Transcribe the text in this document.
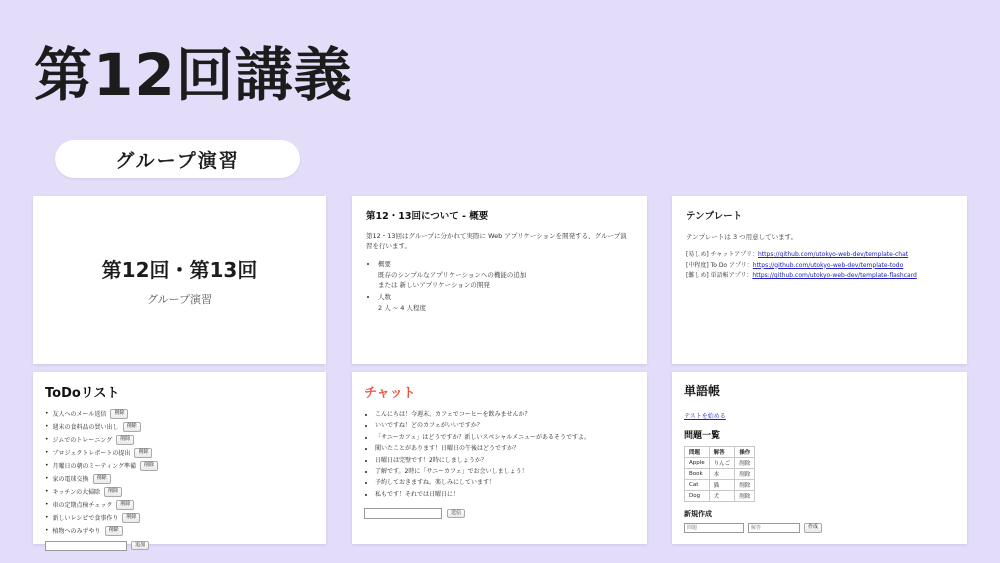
第12回講義
グループ演習
第12回・第13回
グループ演習
第12・13回について - 概要

第12・13回はグループに分かれて実際に Web アプリケーションを開発する、グループ演習を行います。

• 概要
既存のシンプルなアプリケーションへの機能の追加
または 新しいアプリケーションの開発
• 人数
2 人 ~ 4 人程度
テンプレート

テンプレートは 3 つ用意しています。

[易しめ] チャットアプリ：https://github.com/utokyo-web-dev/template-chat
[中程度] To Do アプリ：https://github.com/utokyo-web-dev/template-todo
[難しめ] 単語帳アプリ：https://github.com/utokyo-web-dev/template-flashcard
ToDoリスト
• 友人へのメール返信	削除
• 週末の食料品の買い出し	削除
• ジムでのトレーニング	削除
• プロジェクトレポートの提出	削除
• 月曜日の朝のミーティング準備	削除
• 家の電球交換	削除
• キッチンの大掃除	削除
• 車の定期点検チェック	削除
• 新しいレシピで食事作り	削除
• 植物へのみずやり	削除
追加
チャット
• こんにちは！今週末、カフェでコーヒーを飲みませんか？
• いいですね！どのカフェがいいですか？
• 「サニーカフェ」はどうですか？新しいスペシャルメニューがあるそうですよ。
• 聞いたことがあります！日曜日の午後はどうですか？
• 日曜日は完璧です！2時にしましょうか？
• 了解です。2時に「サニーカフェ」でお会いしましょう！
• 予約しておきますね。楽しみにしています！
• 私もです！それでは日曜日に！
送信
単語帳
テストを始める
問題一覧
問題	解答	操作
Apple	りんご	削除
Book	本	削除
Cat	猫	削除
Dog	犬	削除
新規作成
問題
解答
作成
